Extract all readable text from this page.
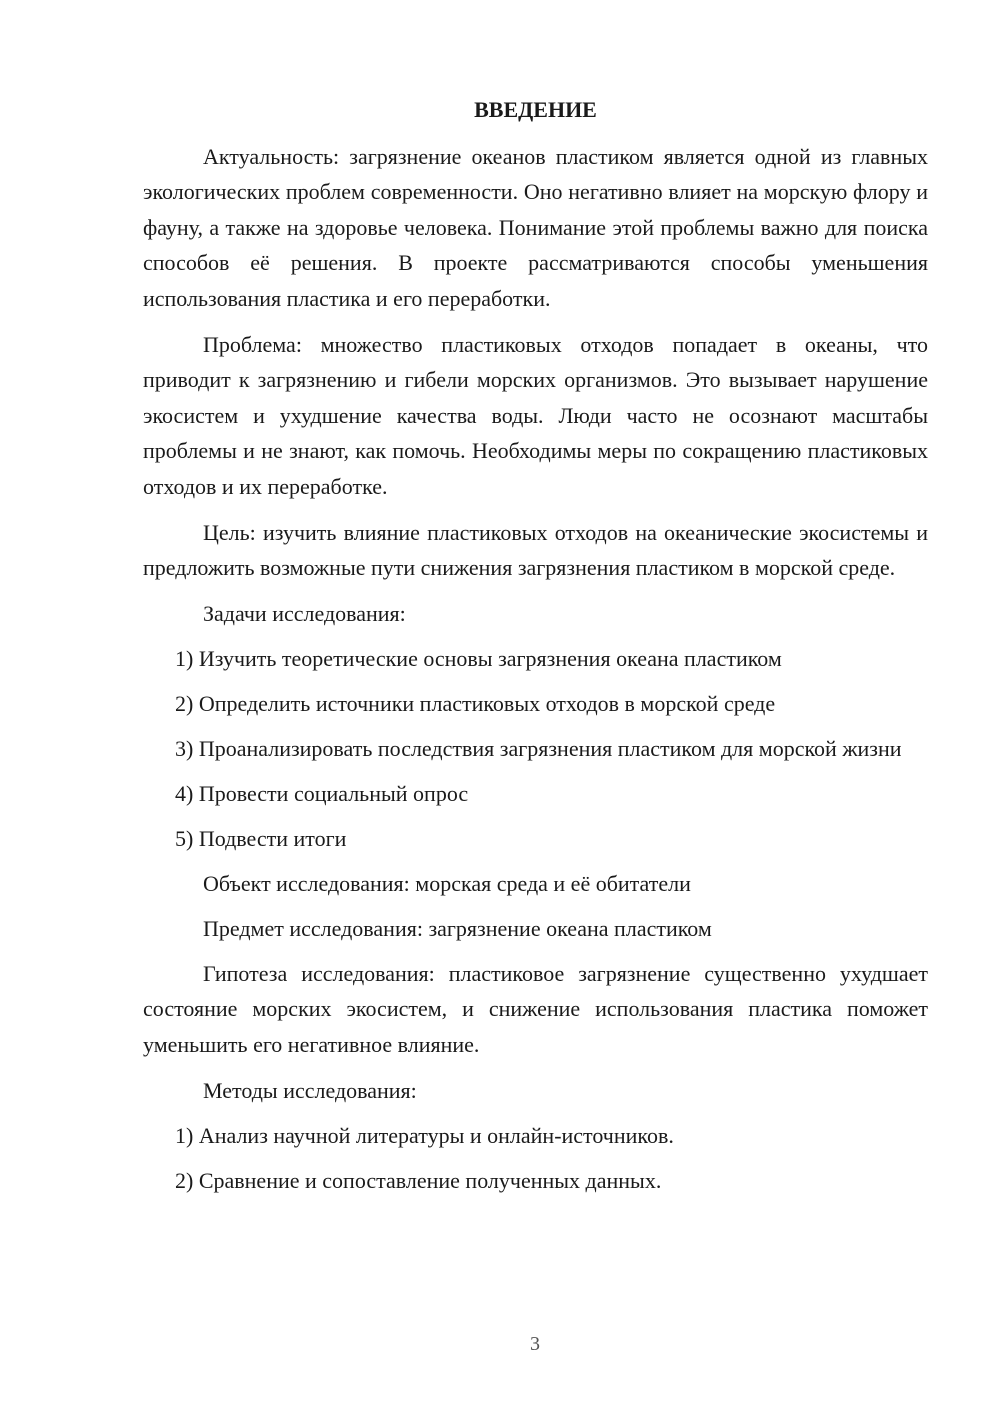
ВВЕДЕНИЕ

Актуальность: загрязнение океанов пластиком является одной из главных экологических проблем современности. Оно негативно влияет на морскую флору и фауну, а также на здоровье человека. Понимание этой проблемы важно для поиска способов её решения. В проекте рассматриваются способы уменьшения использования пластика и его переработки.

Проблема: множество пластиковых отходов попадает в океаны, что приводит к загрязнению и гибели морских организмов. Это вызывает нарушение экосистем и ухудшение качества воды. Люди часто не осознают масштабы проблемы и не знают, как помочь. Необходимы меры по сокращению пластиковых отходов и их переработке.

Цель: изучить влияние пластиковых отходов на океанические экосистемы и предложить возможные пути снижения загрязнения пластиком в морской среде.

Задачи исследования:

1) Изучить теоретические основы загрязнения океана пластиком

2) Определить источники пластиковых отходов в морской среде

3) Проанализировать последствия загрязнения пластиком для морской жизни

4) Провести социальный опрос

5) Подвести итоги

Объект исследования: морская среда и её обитатели

Предмет исследования: загрязнение океана пластиком

Гипотеза исследования: пластиковое загрязнение существенно ухудшает состояние морских экосистем, и снижение использования пластика поможет уменьшить его негативное влияние.

Методы исследования:

1) Анализ научной литературы и онлайн-источников.

2) Сравнение и сопоставление полученных данных.

3
